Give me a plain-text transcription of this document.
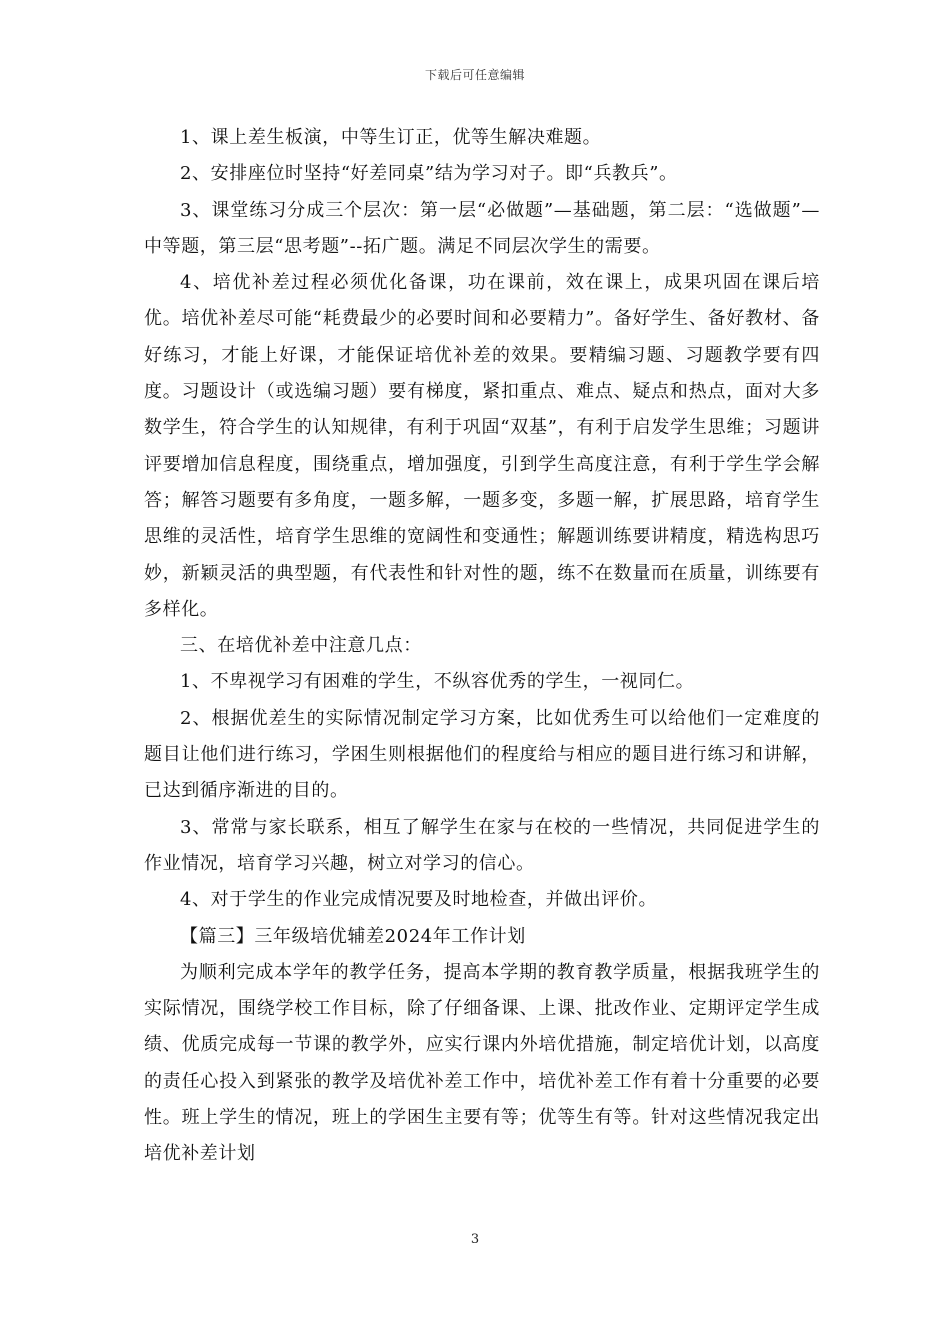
下载后可任意编辑

1、课上差生板演，中等生订正，优等生解决难题。

2、安排座位时坚持“好差同桌”结为学习对子。即“兵教兵”。

3、课堂练习分成三个层次：第一层“必做题”—基础题，第二层：“选做题”—中等题，第三层“思考题”--拓广题。满足不同层次学生的需要。

4、培优补差过程必须优化备课，功在课前，效在课上，成果巩固在课后培优。培优补差尽可能“耗费最少的必要时间和必要精力”。备好学生、备好教材、备好练习，才能上好课，才能保证培优补差的效果。要精编习题、习题教学要有四度。习题设计（或选编习题）要有梯度，紧扣重点、难点、疑点和热点，面对大多数学生，符合学生的认知规律，有利于巩固“双基”，有利于启发学生思维；习题讲评要增加信息程度，围绕重点，增加强度，引到学生高度注意，有利于学生学会解答；解答习题要有多角度，一题多解，一题多变，多题一解，扩展思路，培育学生思维的灵活性，培育学生思维的宽阔性和变通性；解题训练要讲精度，精选构思巧妙，新颖灵活的典型题，有代表性和针对性的题，练不在数量而在质量，训练要有多样化。

三、在培优补差中注意几点：

1、不卑视学习有困难的学生，不纵容优秀的学生，一视同仁。

2、根据优差生的实际情况制定学习方案，比如优秀生可以给他们一定难度的题目让他们进行练习，学困生则根据他们的程度给与相应的题目进行练习和讲解，已达到循序渐进的目的。

3、常常与家长联系，相互了解学生在家与在校的一些情况，共同促进学生的作业情况，培育学习兴趣，树立对学习的信心。

4、对于学生的作业完成情况要及时地检查，并做出评价。

【篇三】三年级培优辅差2024年工作计划

为顺利完成本学年的教学任务，提高本学期的教育教学质量，根据我班学生的实际情况，围绕学校工作目标，除了仔细备课、上课、批改作业、定期评定学生成绩、优质完成每一节课的教学外，应实行课内外培优措施，制定培优计划，以高度的责任心投入到紧张的教学及培优补差工作中，培优补差工作有着十分重要的必要性。班上学生的情况，班上的学困生主要有等；优等生有等。针对这些情况我定出培优补差计划

3
